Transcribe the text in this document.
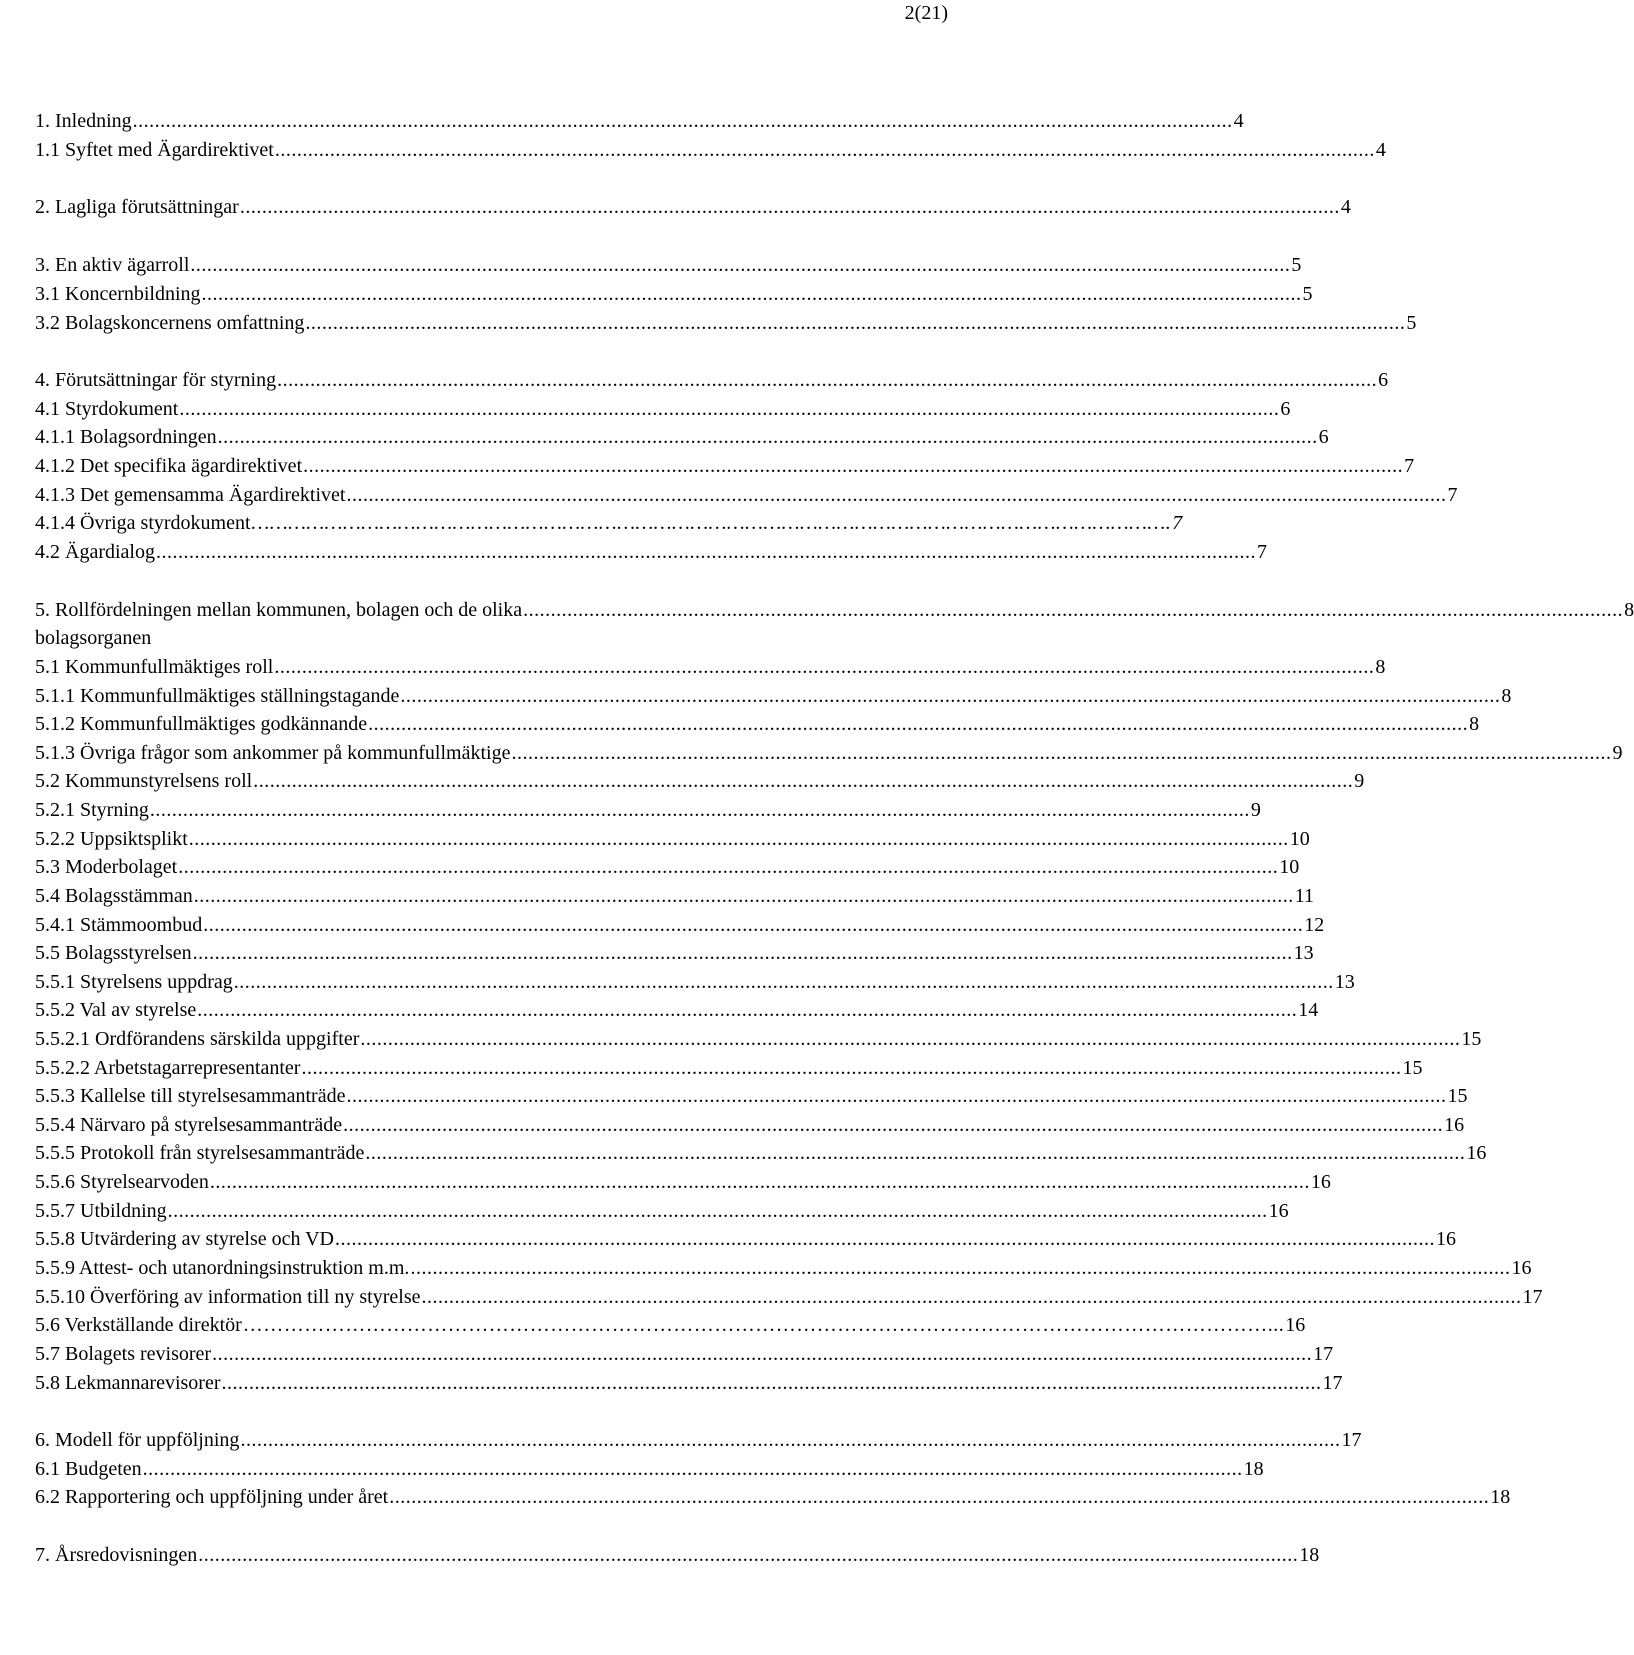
2(21)
1. Inledning ........................................................................................................................................................................................................ 4
1.1 Syftet med Ägardirektivet ........................................................................................................................................................................................................ 4
2. Lagliga förutsättningar ........................................................................................................................................................................................................ 4
3. En aktiv ägarroll ........................................................................................................................................................................................................ 5
3.1 Koncernbildning ........................................................................................................................................................................................................ 5
3.2 Bolagskoncernens omfattning ........................................................................................................................................................................................................ 5
4. Förutsättningar för styrning ........................................................................................................................................................................................................ 6
4.1 Styrdokument ........................................................................................................................................................................................................ 6
4.1.1 Bolagsordningen ........................................................................................................................................................................................................ 6
4.1.2 Det specifika ägardirektivet ........................................................................................................................................................................................................ 7
4.1.3 Det gemensamma Ägardirektivet ........................................................................................................................................................................................................ 7
4.1.4 Övriga styrdokument ……………………………………………………………………………………………………………………………………. 7
4.2 Ägardialog ........................................................................................................................................................................................................ 7
5. Rollfördelningen mellan kommunen, bolagen och de olika ........................................................................................................................................................................................................ 8
bolagsorganen
5.1 Kommunfullmäktiges roll ........................................................................................................................................................................................................ 8
5.1.1 Kommunfullmäktiges ställningstagande ........................................................................................................................................................................................................ 8
5.1.2 Kommunfullmäktiges godkännande ........................................................................................................................................................................................................ 8
5.1.3 Övriga frågor som ankommer på kommunfullmäktige ........................................................................................................................................................................................................ 9
5.2 Kommunstyrelsens roll ........................................................................................................................................................................................................ 9
5.2.1 Styrning ........................................................................................................................................................................................................ 9
5.2.2 Uppsiktsplikt ........................................................................................................................................................................................................ 10
5.3 Moderbolaget ........................................................................................................................................................................................................ 10
5.4 Bolagsstämman ........................................................................................................................................................................................................ 11
5.4.1 Stämmoombud ........................................................................................................................................................................................................ 12
5.5 Bolagsstyrelsen ........................................................................................................................................................................................................ 13
5.5.1 Styrelsens uppdrag ........................................................................................................................................................................................................ 13
5.5.2 Val av styrelse ........................................................................................................................................................................................................ 14
5.5.2.1 Ordförandens särskilda uppgifter ........................................................................................................................................................................................................ 15
5.5.2.2 Arbetstagarrepresentanter ........................................................................................................................................................................................................ 15
5.5.3 Kallelse till styrelsesammanträde ........................................................................................................................................................................................................ 15
5.5.4 Närvaro på styrelsesammanträde ........................................................................................................................................................................................................ 16
5.5.5 Protokoll från styrelsesammanträde ........................................................................................................................................................................................................ 16
5.5.6 Styrelsearvoden ........................................................................................................................................................................................................ 16
5.5.7 Utbildning ........................................................................................................................................................................................................ 16
5.5.8 Utvärdering av styrelse och VD ........................................................................................................................................................................................................ 16
5.5.9 Attest- och utanordningsinstruktion m.m. ........................................................................................................................................................................................................ 16
5.5.10 Överföring av information till ny styrelse ........................................................................................................................................................................................................ 17
5.6 Verkställande direktör ……………………………………………………………………………………………………………………………………... 16
5.7 Bolagets revisorer ........................................................................................................................................................................................................ 17
5.8 Lekmannarevisorer ........................................................................................................................................................................................................ 17
6. Modell för uppföljning ........................................................................................................................................................................................................ 17
6.1 Budgeten ........................................................................................................................................................................................................ 18
6.2 Rapportering och uppföljning under året ........................................................................................................................................................................................................ 18
7. Årsredovisningen ........................................................................................................................................................................................................ 18
